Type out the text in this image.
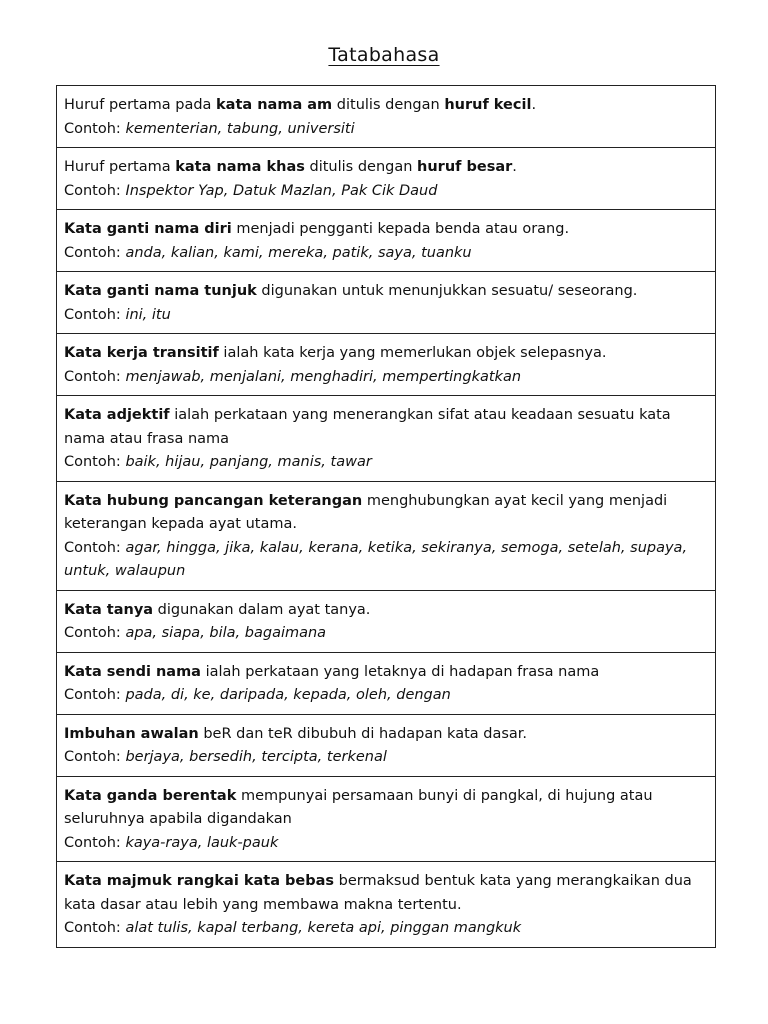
Tatabahasa
Huruf pertama pada kata nama am ditulis dengan huruf kecil.
Contoh: kementerian, tabung, universiti
Huruf pertama kata nama khas ditulis dengan huruf besar.
Contoh: Inspektor Yap, Datuk Mazlan, Pak Cik Daud
Kata ganti nama diri menjadi pengganti kepada benda atau orang.
Contoh: anda, kalian, kami, mereka, patik, saya, tuanku
Kata ganti nama tunjuk digunakan untuk menunjukkan sesuatu/ seseorang.
Contoh: ini, itu
Kata kerja transitif ialah kata kerja yang memerlukan objek selepasnya.
Contoh: menjawab, menjalani, menghadiri, mempertingkatkan
Kata adjektif ialah perkataan yang menerangkan sifat atau keadaan sesuatu kata nama atau frasa nama
Contoh: baik, hijau, panjang, manis, tawar
Kata hubung pancangan keterangan menghubungkan ayat kecil yang menjadi keterangan kepada ayat utama.
Contoh: agar, hingga, jika, kalau, kerana, ketika, sekiranya, semoga, setelah, supaya, untuk, walaupun
Kata tanya digunakan dalam ayat tanya.
Contoh: apa, siapa, bila, bagaimana
Kata sendi nama ialah perkataan yang letaknya di hadapan frasa nama
Contoh: pada, di, ke, daripada, kepada, oleh, dengan
Imbuhan awalan beR dan teR dibubuh di hadapan kata dasar.
Contoh: berjaya, bersedih, tercipta, terkenal
Kata ganda berentak mempunyai persamaan bunyi di pangkal, di hujung atau seluruhnya apabila digandakan
Contoh: kaya-raya, lauk-pauk
Kata majmuk rangkai kata bebas bermaksud bentuk kata yang merangkaikan dua kata dasar atau lebih yang membawa makna tertentu.
Contoh: alat tulis, kapal terbang, kereta api, pinggan mangkuk
